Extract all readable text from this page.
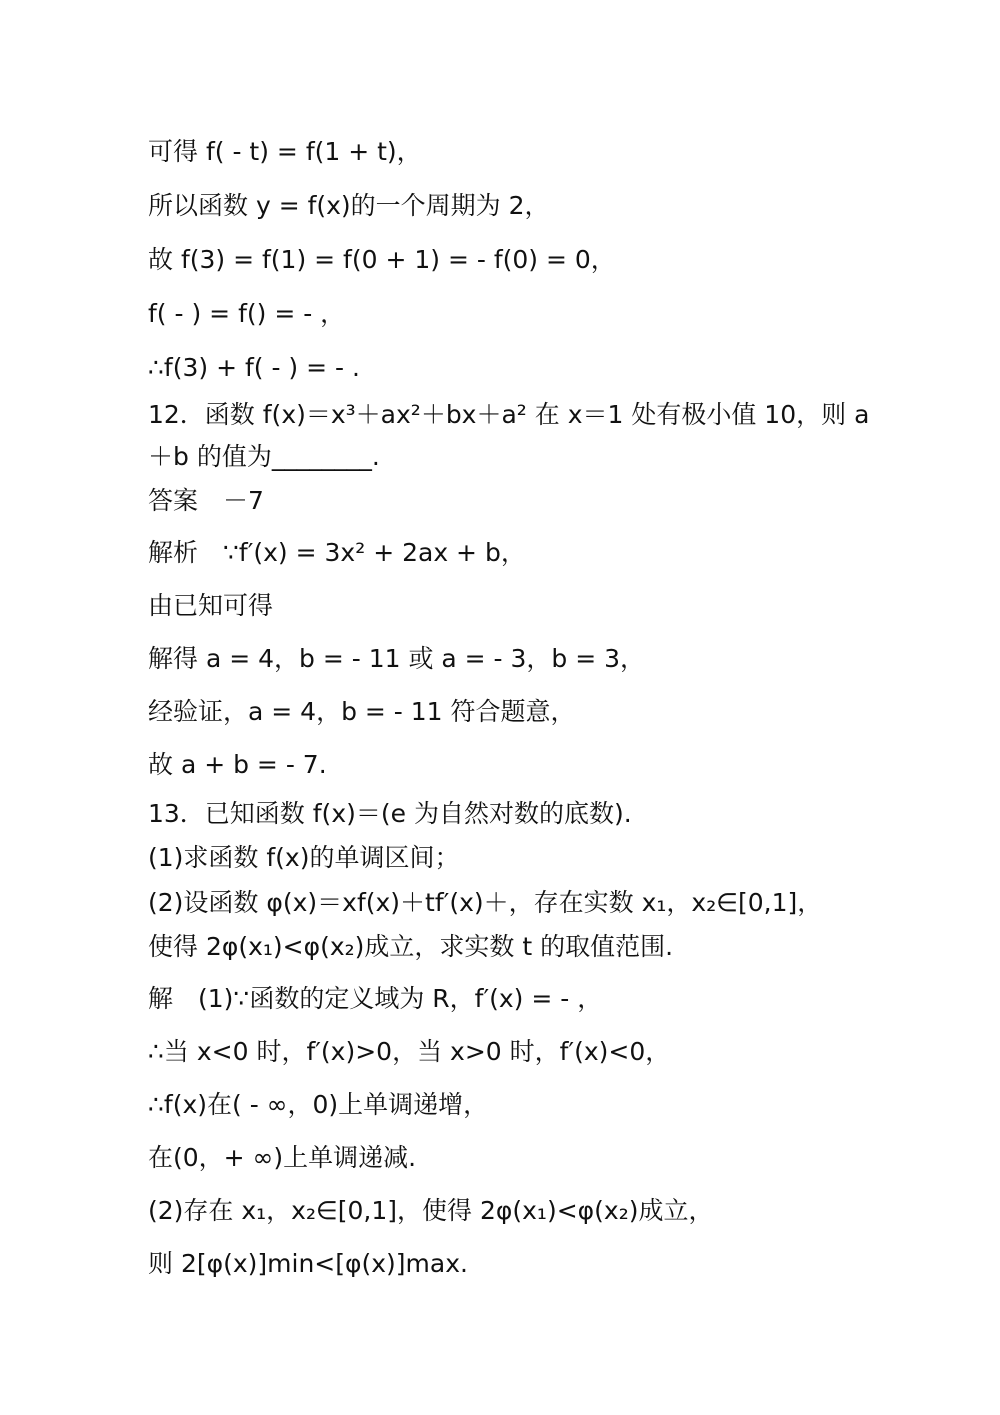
可得 f( - t) = f(1 + t)，
所以函数 y = f(x)的一个周期为 2，
故 f(3) = f(1) = f(0 + 1) = - f(0) = 0，
f( - ) = f() = - ，
∴f(3) + f( - ) = - .
12．函数 f(x)＝x³＋ax²＋bx＋a² 在 x＝1 处有极小值 10，则 a
＋b 的值为________.
答案　－7
解析　∵f′(x) = 3x² + 2ax + b，
由已知可得
解得 a = 4，b = - 11 或 a = - 3，b = 3，
经验证，a = 4，b = - 11 符合题意，
故 a + b = - 7.
13．已知函数 f(x)＝(e 为自然对数的底数).
(1)求函数 f(x)的单调区间；
(2)设函数 φ(x)＝xf(x)＋tf′(x)＋，存在实数 x₁，x₂∈[0,1]，
使得 2φ(x₁)<φ(x₂)成立，求实数 t 的取值范围.
解　(1)∵函数的定义域为 R，f′(x) = - ，
∴当 x<0 时，f′(x)>0，当 x>0 时，f′(x)<0，
∴f(x)在( - ∞，0)上单调递增，
在(0，+ ∞)上单调递减.
(2)存在 x₁，x₂∈[0,1]，使得 2φ(x₁)<φ(x₂)成立，
则 2[φ(x)]min<[φ(x)]max.
